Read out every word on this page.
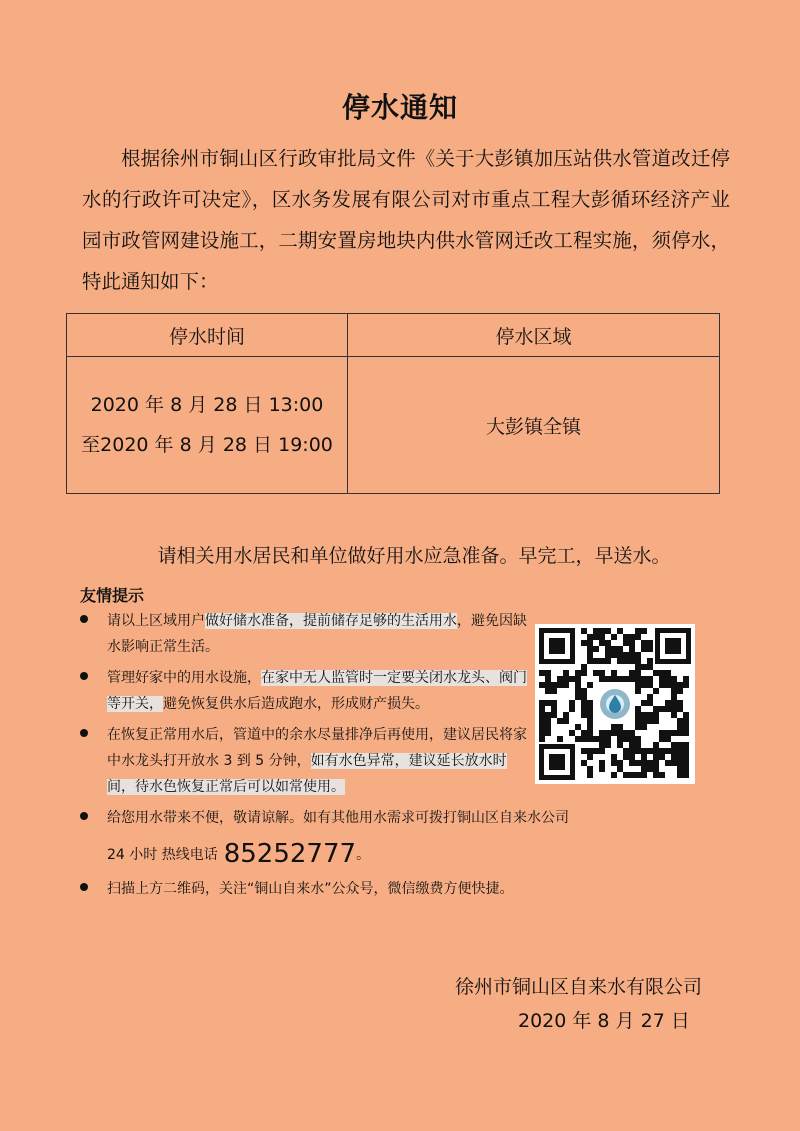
停水通知
根据徐州市铜山区行政审批局文件《关于大彭镇加压站供水管道改迁停水的行政许可决定》，区水务发展有限公司对市重点工程大彭循环经济产业园市政管网建设施工，二期安置房地块内供水管网迁改工程实施，须停水，特此通知如下：
停水时间	停水区域

2020 年 8 月 28 日 13:00
至2020 年 8 月 28 日 19:00	大彭镇全镇
请相关用水居民和单位做好用水应急准备。早完工，早送水。
友情提示
请以上区域用户做好储水准备，提前储存足够的生活用水，避免因缺水影响正常生活。
管理好家中的用水设施，在家中无人监管时一定要关闭水龙头、阀门等开关，避免恢复供水后造成跑水，形成财产损失。
在恢复正常用水后，管道中的余水尽量排净后再使用，建议居民将家中水龙头打开放水 3 到 5 分钟，如有水色异常，建议延长放水时间，待水色恢复正常后可以如常使用。
给您用水带来不便，敬请谅解。如有其他用水需求可拨打铜山区自来水公司
24 小时 热线电话 85252777。
扫描上方二维码，关注“铜山自来水”公众号，微信缴费方便快捷。
徐州市铜山区自来水有限公司
2020 年 8 月 27 日
